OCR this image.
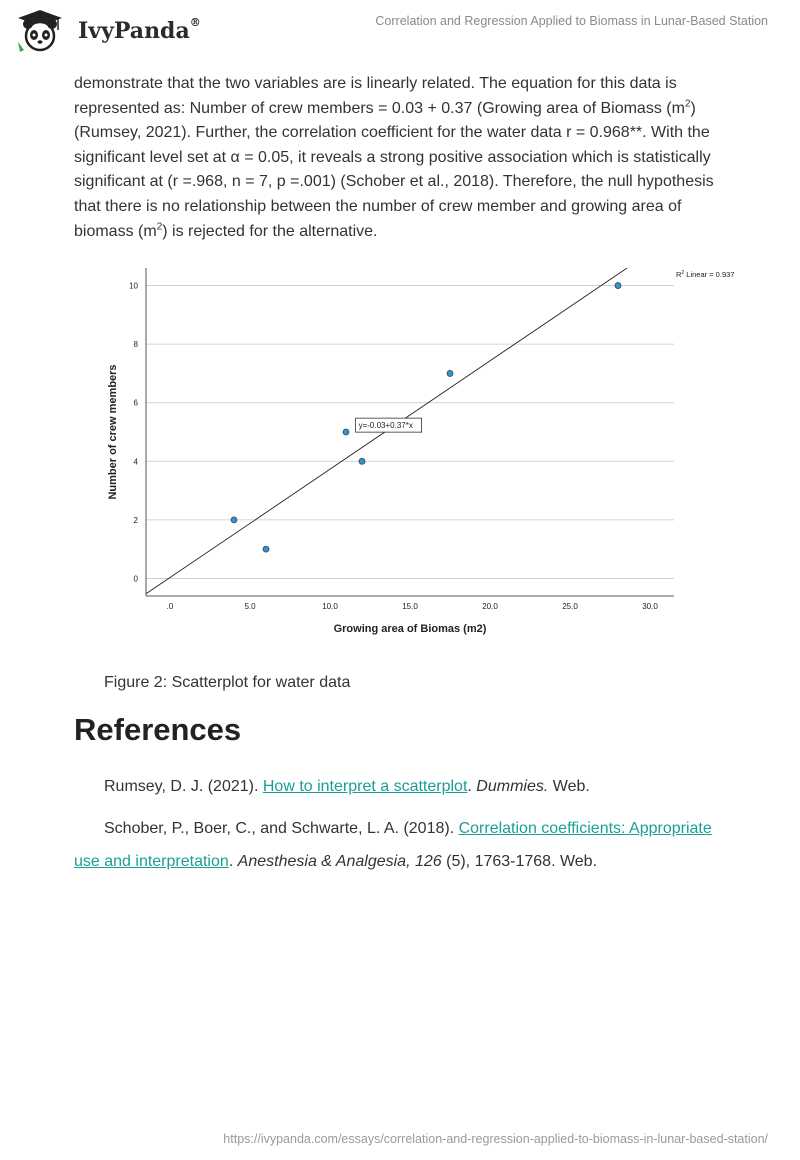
IvyPanda®	Correlation and Regression Applied to Biomass in Lunar-Based Station

demonstrate that the two variables are is linearly related. The equation for this data is represented as: Number of crew members = 0.03 + 0.37 (Growing area of Biomass $(m^2)$ (Rumsey, 2021). Further, the correlation coefficient for the water data r = 0.968**. With the significant level set at α = 0.05, it reveals a strong positive association which is statistically significant at (r =.968, n = 7, p =.001) (Schober et al., 2018). Therefore, the null hypothesis that there is no relationship between the number of crew member and growing area of biomass $(m^2)$ is rejected for the alternative.

0
2
4
6
8
10
.0	5.0	10.0	15.0	20.0	25.0	30.0
Growing area of Biomas (m2)
Number of crew members	y=-0.03+0.37*x
$R^2$ Linear = 0.937
Figure 2: Scatterplot for water data
References

Rumsey, D. J. (2021). How to interpret a scatterplot. Dummies. Web.

Schober, P., Boer, C., and Schwarte, L. A. (2018). Correlation coefficients: Appropriate use and interpretation. Anesthesia & Analgesia, 126 (5), 1763-1768. Web.

https://ivypanda.com/essays/correlation-and-regression-applied-to-biomass-in-lunar-based-station/
